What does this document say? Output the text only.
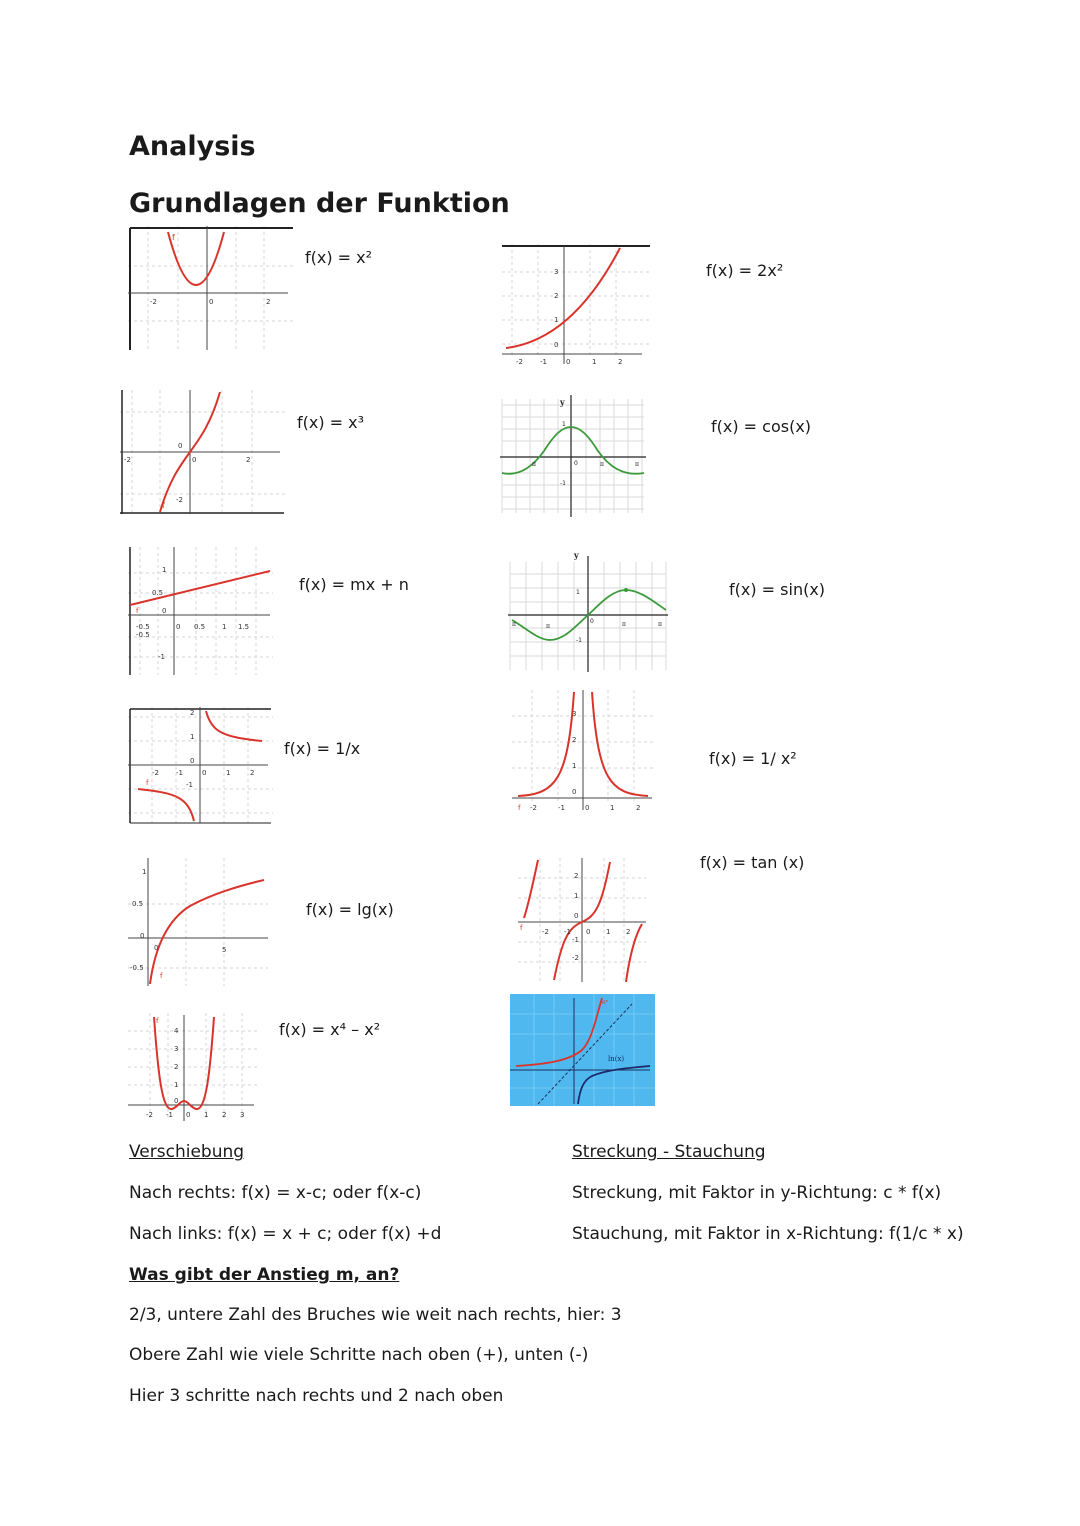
Analysis
Grundlagen der Funktion
f
-2	0	2
f(x) = x²
3
2
1
0
-2 -1	0	1	2
f(x) = 2x²
f
-2
0
0	2
-2
f(x) = x³
y
1
0
-1
π	π	π
f(x) = cos(x)
1
0.5
f	0
-0.5
-0.5
0 0.5 1 1.5
-1
f(x) = mx + n
y
1
0
-1
π	π	π	π
f(x) = sin(x)
f
2
1
0
-2 -1	0	1	2
-1
f(x) = 1/x
3
2
1
0
f -2	-1	0	1	2
f(x) = 1/ x²
f(x) = tan (x)
1
0.5
0
0	5
-0.5
f
f(x) = lg(x)
2
1
0
f	-2 -1 0 1 2
-1
-2
f
4
3
2
1
0
-2 -1 0 1 2 3
f(x) = x⁴ – x²
eˣ
ln(x)
Verschiebung
Nach rechts: f(x) = x-c; oder f(x-c)
Nach links: f(x) = x + c; oder f(x) +d
Streckung - Stauchung
Streckung, mit Faktor in y-Richtung: c * f(x)
Stauchung, mit Faktor in x-Richtung: f(1/c * x)
Was gibt der Anstieg m, an?
2/3, untere Zahl des Bruches wie weit nach rechts, hier: 3
Obere Zahl wie viele Schritte nach oben (+), unten (-)
Hier 3 schritte nach rechts und 2 nach oben
